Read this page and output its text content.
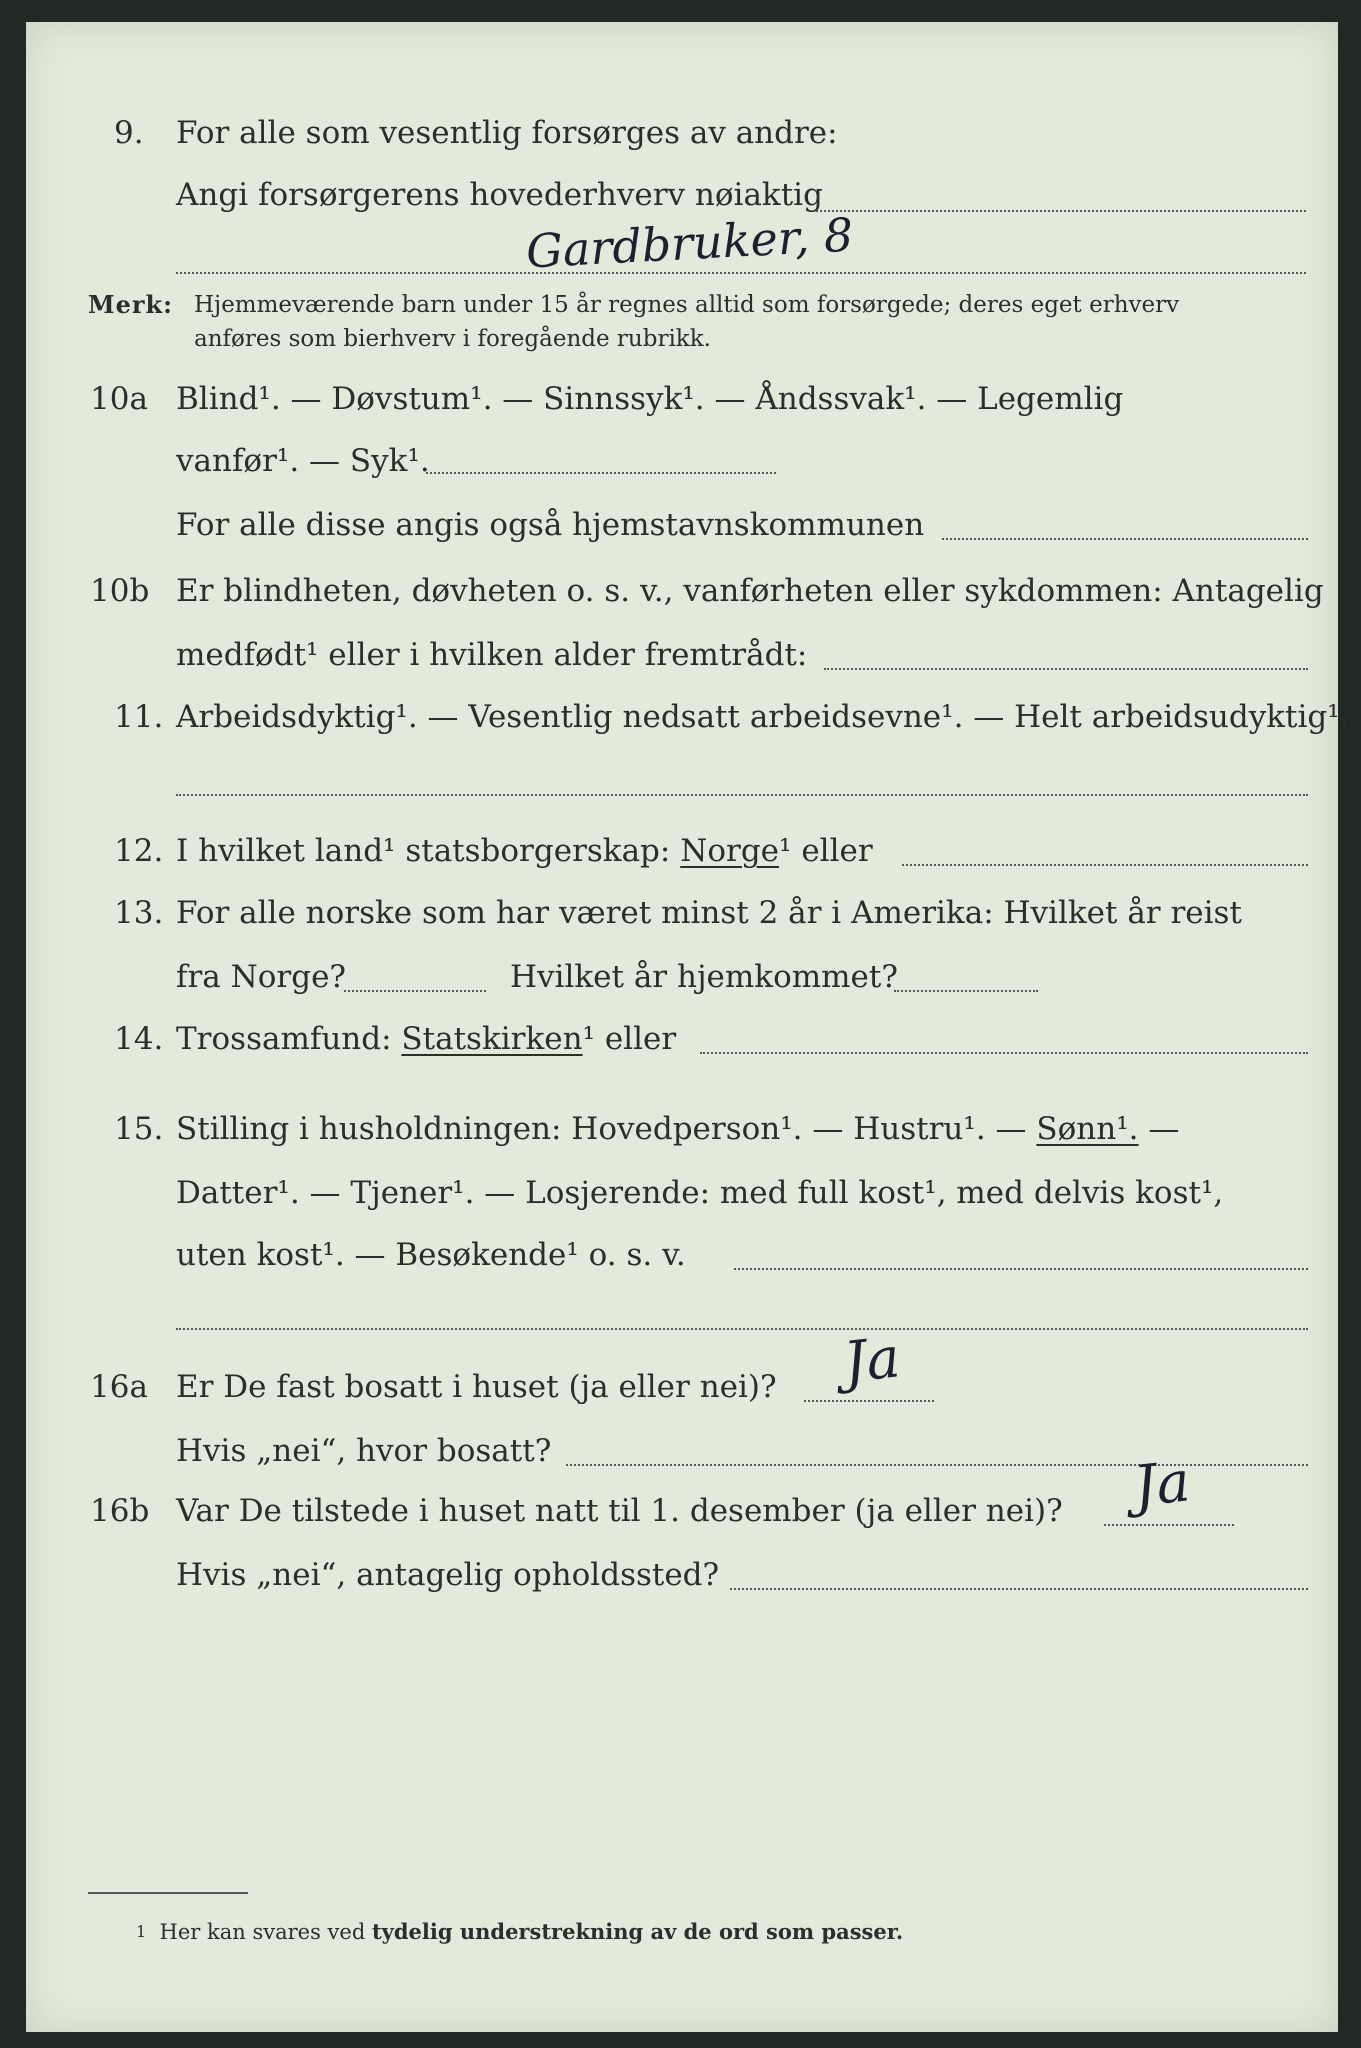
9. For alle som vesentlig forsørges av andre:
Angi forsørgerens hovederhverv nøiaktig
Gardbruker, 8
Merk: Hjemmeværende barn under 15 år regnes alltid som forsørgede; deres eget erhverv
anføres som bierhverv i foregående rubrikk.
10a Blind¹. — Døvstum¹. — Sinnssyk¹. — Åndssvak¹. — Legemlig
vanfør¹. — Syk¹.
For alle disse angis også hjemstavnskommunen
10b Er blindheten, døvheten o. s. v., vanførheten eller sykdommen: Antagelig
medfødt¹ eller i hvilken alder fremtrådt:
11. Arbeidsdyktig¹. — Vesentlig nedsatt arbeidsevne¹. — Helt arbeidsudyktig¹.
12. I hvilket land¹ statsborgerskap: Norge¹ eller
13. For alle norske som har været minst 2 år i Amerika: Hvilket år reist
fra Norge?	Hvilket år hjemkommet?
14. Trossamfund: Statskirken¹ eller
15. Stilling i husholdningen: Hovedperson¹. — Hustru¹. — Sønn¹. —
Datter¹. — Tjener¹. — Losjerende: med full kost¹, med delvis kost¹,
uten kost¹. — Besøkende¹ o. s. v.
16a Er De fast bosatt i huset (ja eller nei)? Ja
Hvis „nei“, hvor bosatt?
16b Var De tilstede i huset natt til 1. desember (ja eller nei)? Ja
Hvis „nei“, antagelig opholdssted?
$^1$ Her kan svares ved tydelig understrekning av de ord som passer.
